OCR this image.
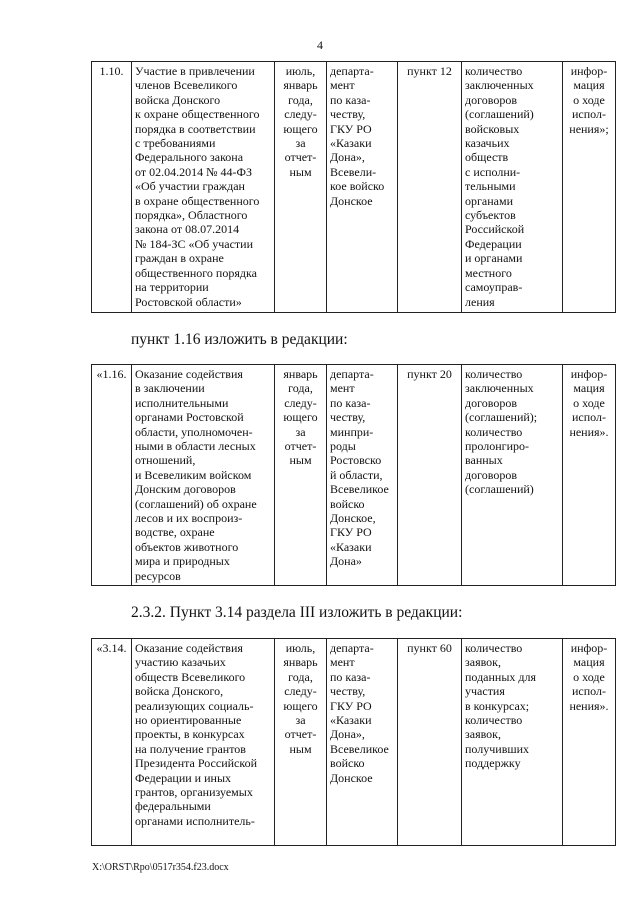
4
1.10.	Участие в привлечении
членов Всевеликого
войска Донского
к охране общественного
порядка в соответствии
с требованиями
Федерального закона
от 02.04.2014 № 44-ФЗ
«Об участии граждан
в охране общественного
порядка», Областного
закона от 08.07.2014
№ 184-ЗС «Об участии
граждан в охране
общественного порядка
на территории
Ростовской области»	июль,
январь
года,
следу-
ющего
за
отчет-
ным	департа-
мент
по каза-
честву,
ГКУ РО
«Казаки
Дона»,
Всевели-
кое войско
Донское	пункт 12	количество
заключенных
договоров
(соглашений)
войсковых
казачьих
обществ
с исполни-
тельными
органами
субъектов
Российской
Федерации
и органами
местного
самоуправ-
ления	инфор-
мация
о ходе
испол-
нения»;
пункт 1.16 изложить в редакции:
«1.16.	Оказание содействия
в заключении
исполнительными
органами Ростовской
области, уполномочен-
ными в области лесных
отношений,
и Всевеликим войском
Донским договоров
(соглашений) об охране
лесов и их воспроиз-
водстве, охране
объектов животного
мира и природных
ресурсов	январь
года,
следу-
ющего
за
отчет-
ным	департа-
мент
по каза-
честву,
минпри-
роды
Ростовско
й области,
Всевеликое
войско
Донское,
ГКУ РО
«Казаки
Дона»	пункт 20	количество
заключенных
договоров
(соглашений);
количество
пролонгиро-
ванных
договоров
(соглашений)	инфор-
мация
о ходе
испол-
нения».
2.3.2. Пункт 3.14 раздела III изложить в редакции:
«3.14.	Оказание содействия
участию казачьих
обществ Всевеликого
войска Донского,
реализующих социаль-
но ориентированные
проекты, в конкурсах
на получение грантов
Президента Российской
Федерации и иных
грантов, организуемых
федеральными
органами исполнитель-	июль,
январь
года,
следу-
ющего
за
отчет-
ным	департа-
мент
по каза-
честву,
ГКУ РО
«Казаки
Дона»,
Всевеликое
войско
Донское	пункт 60	количество
заявок,
поданных для
участия
в конкурсах;
количество
заявок,
получивших
поддержку	инфор-
мация
о ходе
испол-
нения».
X:\ORST\Rpo\0517r354.f23.docx
